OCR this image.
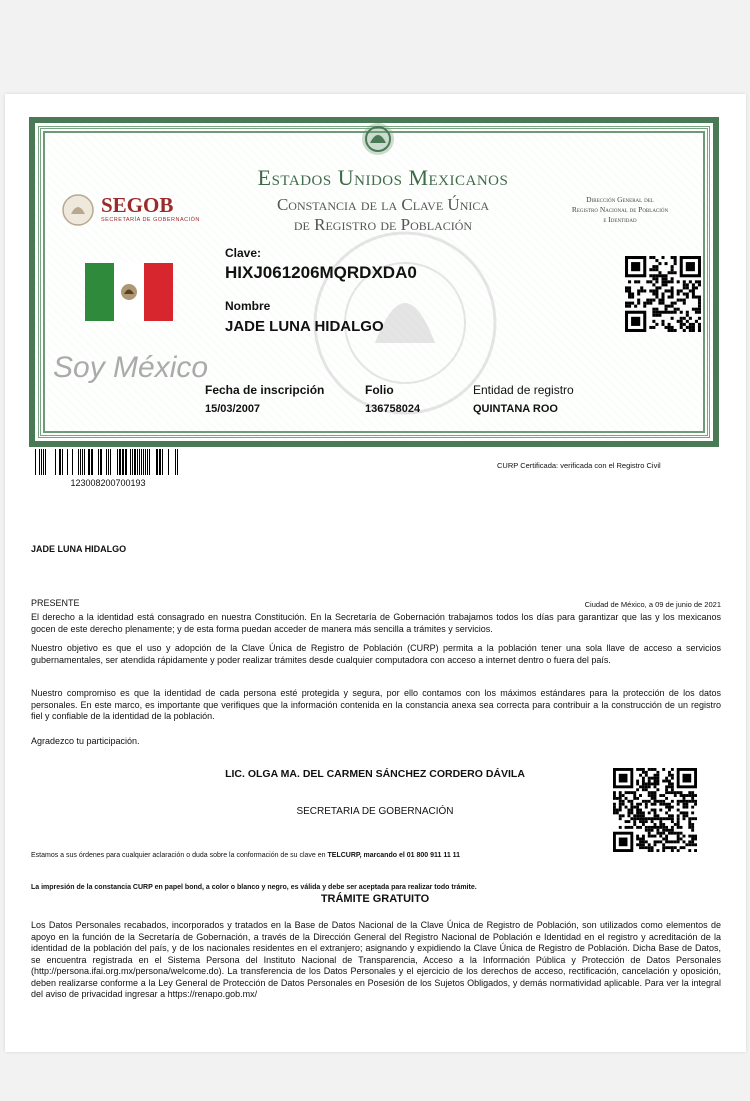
Estados Unidos Mexicanos
Constancia de la Clave Única
de Registro de Población
Dirección General del
Registro Nacional de Población
e Identidad
SEGOB
SECRETARÍA DE GOBERNACIÓN
Soy México
Clave:
HIXJ061206MQRDXDA0
Nombre
JADE LUNA HIDALGO
Fecha de inscripción
15/03/2007
Folio
136758024
Entidad de registro
QUINTANA ROO
123008200700193
CURP Certificada: verificada con el Registro Civil
JADE LUNA HIDALGO
PRESENTE	Ciudad de México, a 09 de junio de 2021
El derecho a la identidad está consagrado en nuestra Constitución. En la Secretaría de Gobernación trabajamos todos los días para garantizar que las y los mexicanos gocen de este derecho plenamente; y de esta forma puedan acceder de manera más sencilla a trámites y servicios.
Nuestro objetivo es que el uso y adopción de la Clave Única de Registro de Población (CURP) permita a la población tener una sola llave de acceso a servicios gubernamentales, ser atendida rápidamente y poder realizar trámites desde cualquier computadora con acceso a internet dentro o fuera del país.
Nuestro compromiso es que la identidad de cada persona esté protegida y segura, por ello contamos con los máximos estándares para la protección de los datos personales. En este marco, es importante que verifiques que la información contenida en la constancia anexa sea correcta para contribuir a la construcción de un registro fiel y confiable de la identidad de la población.
Agradezco tu participación.
LIC. OLGA MA. DEL CARMEN SÁNCHEZ CORDERO DÁVILA
SECRETARIA DE GOBERNACIÓN
Estamos a sus órdenes para cualquier aclaración o duda sobre la conformación de su clave en TELCURP, marcando el 01 800 911 11 11
La impresión de la constancia CURP en papel bond, a color o blanco y negro, es válida y debe ser aceptada para realizar todo trámite.
TRÁMITE GRATUITO
Los Datos Personales recabados, incorporados y tratados en la Base de Datos Nacional de la Clave Única de Registro de Población, son utilizados como elementos de apoyo en la función de la Secretaría de Gobernación, a través de la Dirección General del Registro Nacional de Población e Identidad en el registro y acreditación de la identidad de la población del país, y de los nacionales residentes en el extranjero; asignando y expidiendo la Clave Única de Registro de Población. Dicha Base de Datos, se encuentra registrada en el Sistema Persona del Instituto Nacional de Transparencia, Acceso a la Información Pública y Protección de Datos Personales (http://persona.ifai.org.mx/persona/welcome.do). La transferencia de los Datos Personales y el ejercicio de los derechos de acceso, rectificación, cancelación y oposición, deben realizarse conforme a la Ley General de Protección de Datos Personales en Posesión de los Sujetos Obligados, y demás normatividad aplicable. Para ver la integral del aviso de privacidad ingresar a https://renapo.gob.mx/
